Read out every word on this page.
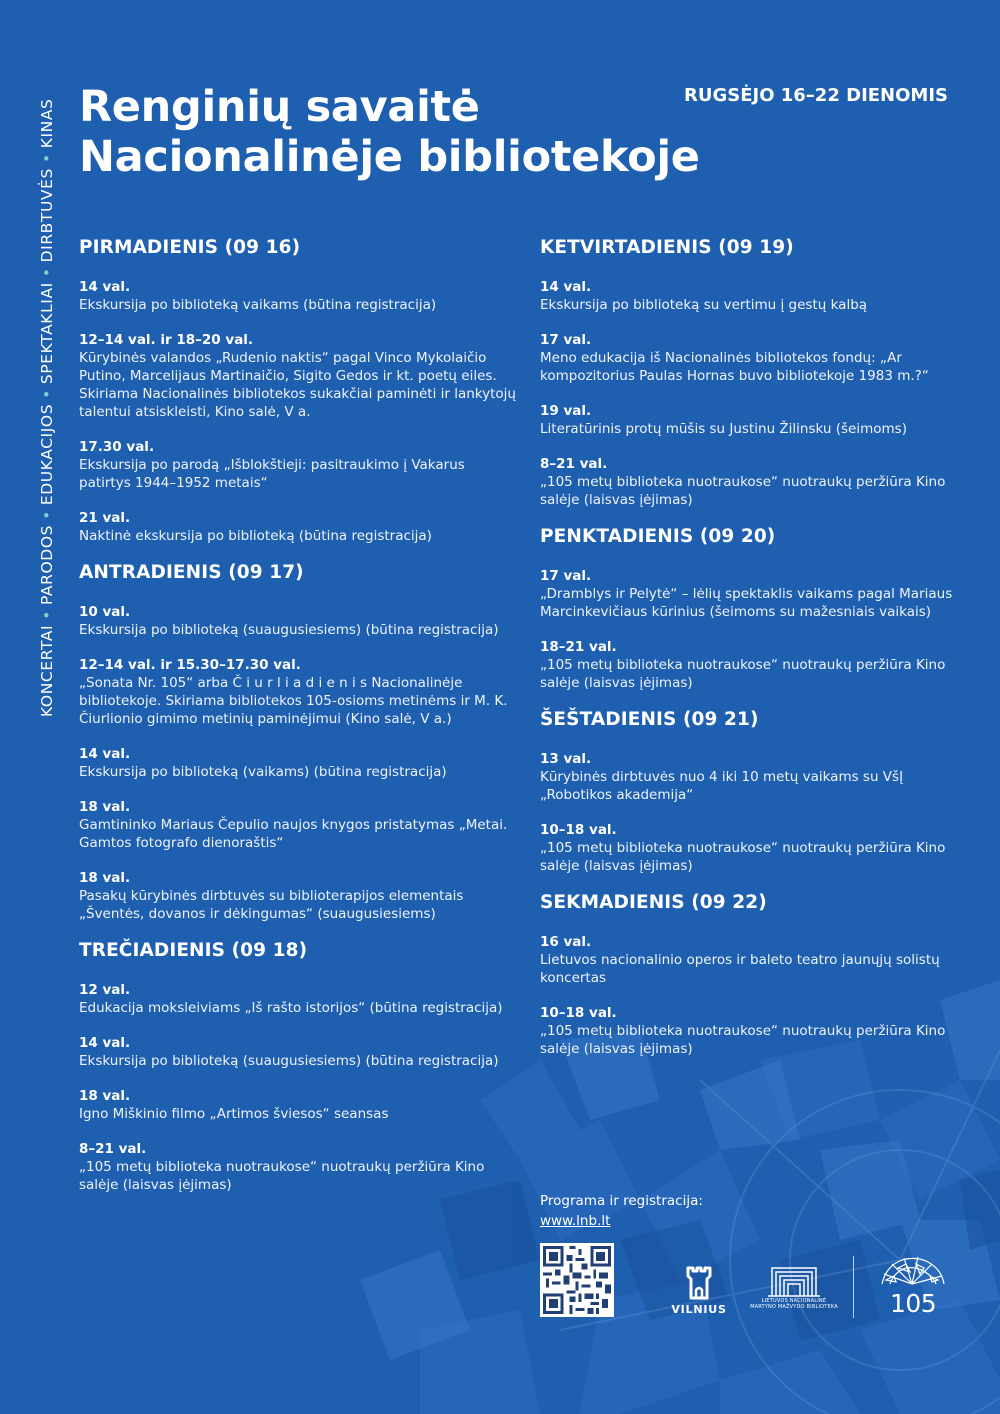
KONCERTAI
•
PARODOS
•
EDUKACIJOS
•
SPEKTAKLIAI
•
DIRBTUVĖS
•
KINAS Renginių savaitė
Nacionalinėje bibliotekoje
RUGSĖJO 16–22 DIENOMIS
PIRMADIENIS (09 16)
14 val.
Ekskursija po biblioteką vaikams (būtina registracija)
12–14 val. ir 18–20 val.
Kūrybinės valandos „Rudenio naktis“ pagal Vinco Mykolaičio Putino, Marcelijaus Martinaičio, Sigito Gedos ir kt. poetų eiles. Skiriama Nacionalinės bibliotekos sukakčiai paminėti ir lankytojų talentui atsiskleisti, Kino salė, V a.
17.30 val.
Ekskursija po parodą „Išblokštieji: pasitraukimo į Vakarus patirtys 1944–1952 metais“
21 val.
Naktinė ekskursija po biblioteką (būtina registracija)
ANTRADIENIS (09 17)
10 val.
Ekskursija po biblioteką (suaugusiesiems) (būtina registracija)
12–14 val. ir 15.30–17.30 val.
„Sonata Nr. 105“ arba Č i u r l i a d i e n i s Nacionalinėje bibliotekoje. Skiriama bibliotekos 105-osioms metinėms ir M. K. Čiurlionio gimimo metinių paminėjimui (Kino salė, V a.)
14 val.
Ekskursija po biblioteką (vaikams) (būtina registracija)
18 val.
Gamtininko Mariaus Čepulio naujos knygos pristatymas „Metai. Gamtos fotografo dienoraštis“
18 val.
Pasakų kūrybinės dirbtuvės su biblioterapijos elementais „Šventės, dovanos ir dėkingumas“ (suaugusiesiems)
TREČIADIENIS (09 18)
12 val.
Edukacija moksleiviams „Iš rašto istorijos“ (būtina registracija)
14 val.
Ekskursija po biblioteką (suaugusiesiems) (būtina registracija)
18 val.
Igno Miškinio filmo „Artimos šviesos“ seansas
8–21 val.
„105 metų biblioteka nuotraukose“ nuotraukų peržiūra Kino salėje (laisvas įėjimas)
KETVIRTADIENIS (09 19)
14 val.
Ekskursija po biblioteką su vertimu į gestų kalbą
17 val.
Meno edukacija iš Nacionalinės bibliotekos fondų: „Ar kompozitorius Paulas Hornas buvo bibliotekoje 1983 m.?“
19 val.
Literatūrinis protų mūšis su Justinu Žilinsku (šeimoms)
8–21 val.
„105 metų biblioteka nuotraukose“ nuotraukų peržiūra Kino salėje (laisvas įėjimas)
PENKTADIENIS (09 20)
17 val.
„Dramblys ir Pelytė“ – lėlių spektaklis vaikams pagal Mariaus Marcinkevičiaus kūrinius (šeimoms su mažesniais vaikais)
18–21 val.
„105 metų biblioteka nuotraukose“ nuotraukų peržiūra Kino salėje (laisvas įėjimas)
ŠEŠTADIENIS (09 21)
13 val.
Kūrybinės dirbtuvės nuo 4 iki 10 metų vaikams su VšĮ „Robotikos akademija“
10–18 val.
„105 metų biblioteka nuotraukose“ nuotraukų peržiūra Kino salėje (laisvas įėjimas)
SEKMADIENIS (09 22)
16 val.
Lietuvos nacionalinio operos ir baleto teatro jaunųjų solistų koncertas
10–18 val.
„105 metų biblioteka nuotraukose“ nuotraukų peržiūra Kino salėje (laisvas įėjimas)
Programa ir registracija:
www.lnb.lt
VILNIUS
LIETUVOS NACIONALINĖ MARTYNO MAŽVYDO BIBLIOTEKA 105
